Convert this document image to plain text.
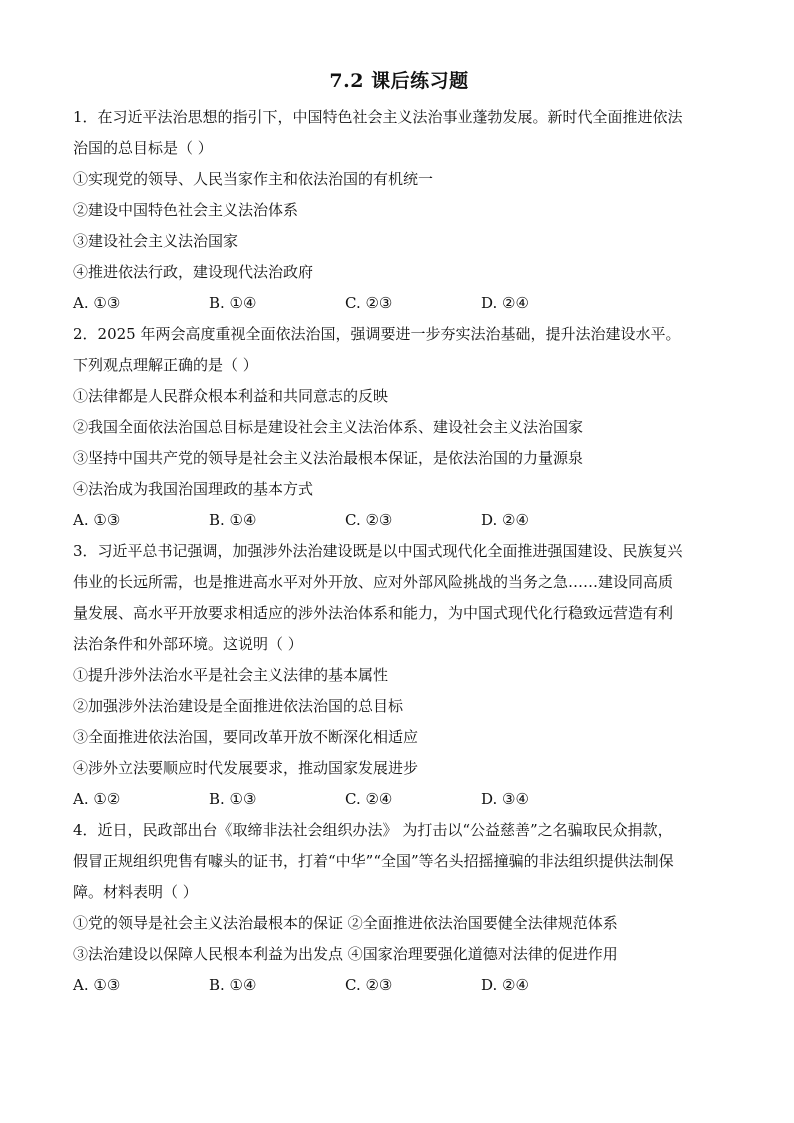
7.2 课后练习题
1．在习近平法治思想的指引下，中国特色社会主义法治事业蓬勃发展。新时代全面推进依法
治国的总目标是（ ）
①实现党的领导、人民当家作主和依法治国的有机统一
②建设中国特色社会主义法治体系
③建设社会主义法治国家
④推进依法行政，建设现代法治政府
A. ①③	B. ①④	C. ②③	D. ②④
2．2025 年两会高度重视全面依法治国，强调要进一步夯实法治基础，提升法治建设水平。
下列观点理解正确的是（ ）
①法律都是人民群众根本利益和共同意志的反映
②我国全面依法治国总目标是建设社会主义法治体系、建设社会主义法治国家
③坚持中国共产党的领导是社会主义法治最根本保证，是依法治国的力量源泉
④法治成为我国治国理政的基本方式
A. ①③	B. ①④	C. ②③	D. ②④
3．习近平总书记强调，加强涉外法治建设既是以中国式现代化全面推进强国建设、民族复兴
伟业的长远所需，也是推进高水平对外开放、应对外部风险挑战的当务之急……建设同高质
量发展、高水平开放要求相适应的涉外法治体系和能力，为中国式现代化行稳致远营造有利
法治条件和外部环境。这说明（ ）
①提升涉外法治水平是社会主义法律的基本属性
②加强涉外法治建设是全面推进依法治国的总目标
③全面推进依法治国，要同改革开放不断深化相适应
④涉外立法要顺应时代发展要求，推动国家发展进步
A. ①②	B. ①③	C. ②④	D. ③④
4．近日，民政部出台《取缔非法社会组织办法》 为打击以“公益慈善”之名骗取民众捐款，
假冒正规组织兜售有噱头的证书，打着“中华”“全国”等名头招摇撞骗的非法组织提供法制保
障。材料表明（ ）
①党的领导是社会主义法治最根本的保证 ②全面推进依法治国要健全法律规范体系
③法治建设以保障人民根本利益为出发点 ④国家治理要强化道德对法律的促进作用
A. ①③	B. ①④	C. ②③	D. ②④
